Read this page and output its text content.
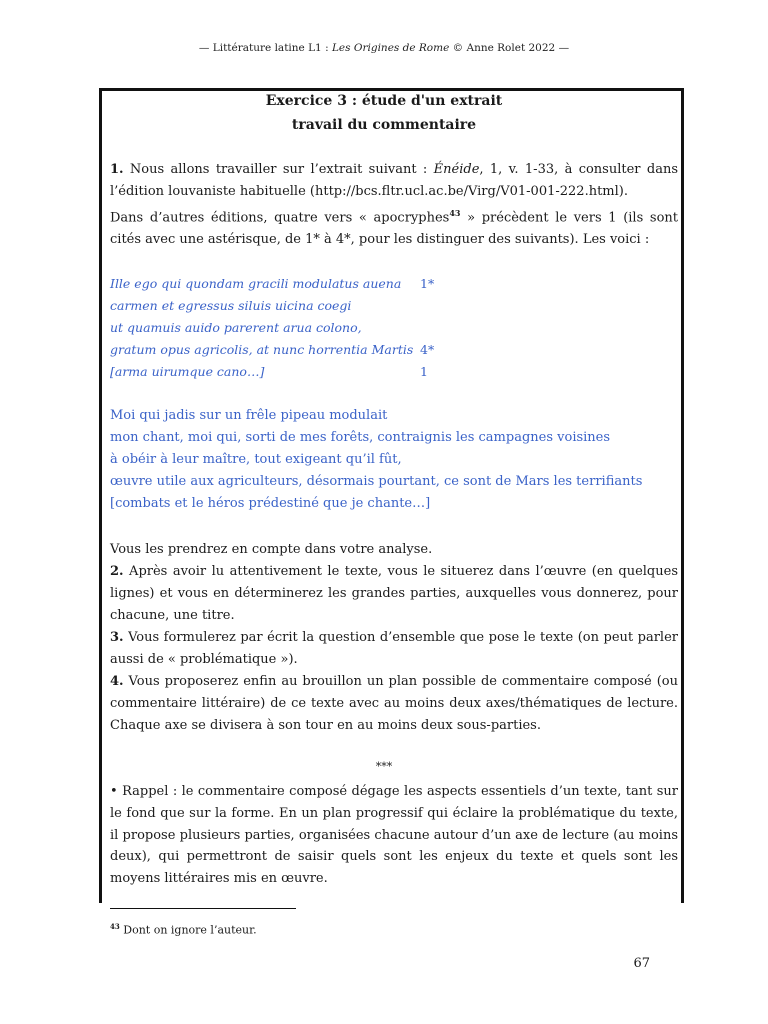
— Littérature latine L1 : Les Origines de Rome © Anne Rolet 2022 —
Exercice 3 : étude d'un extrait
travail du commentaire
1. Nous allons travailler sur l’extrait suivant : Énéide, 1, v. 1-33, à consulter dans l’édition louvaniste habituelle (http://bcs.fltr.ucl.ac.be/Virg/V01-001-222.html).
Dans d’autres éditions, quatre vers « apocryphes$^{43}$ » précèdent le vers 1 (ils sont cités avec une astérisque, de 1* à 4*, pour les distinguer des suivants). Les voici :
Ille ego qui quondam gracili modulatus auena 1*
carmen et egressus siluis uicina coegi
ut quamuis auido parerent arua colono,
gratum opus agricolis, at nunc horrentia Martis 4*
[arma uirumque cano…]	1
Moi qui jadis sur un frêle pipeau modulait
mon chant, moi qui, sorti de mes forêts, contraignis les campagnes voisines
à obéir à leur maître, tout exigeant qu’il fût,
œuvre utile aux agriculteurs, désormais pourtant, ce sont de Mars les terrifiants
[combats et le héros prédestiné que je chante…]
Vous les prendrez en compte dans votre analyse.
2. Après avoir lu attentivement le texte, vous le situerez dans l’œuvre (en quelques lignes) et vous en déterminerez les grandes parties, auxquelles vous donnerez, pour chacune, une titre.
3. Vous formulerez par écrit la question d’ensemble que pose le texte (on peut parler aussi de « problématique »).
4. Vous proposerez enfin au brouillon un plan possible de commentaire composé (ou commentaire littéraire) de ce texte avec au moins deux axes/thématiques de lecture. Chaque axe se divisera à son tour en au moins deux sous-parties.
***
• Rappel : le commentaire composé dégage les aspects essentiels d’un texte, tant sur le fond que sur la forme. En un plan progressif qui éclaire la problématique du texte, il propose plusieurs parties, organisées chacune autour d’un axe de lecture (au moins deux), qui permettront de saisir quels sont les enjeux du texte et quels sont les moyens littéraires mis en œuvre.
$^{43}$ Dont on ignore l’auteur.
67
